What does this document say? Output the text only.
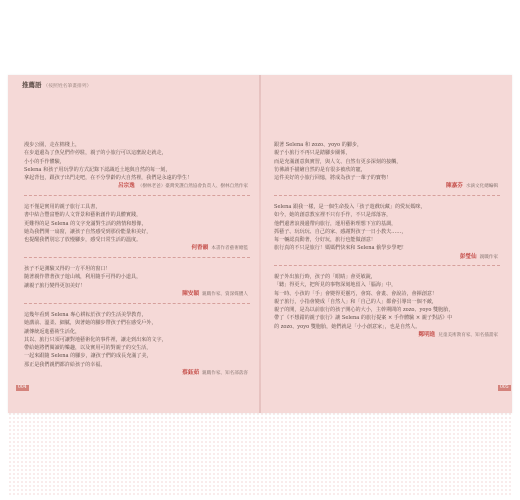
推薦語 （按照姓名筆畫排列）
漫步公園，走在棉棧上，
在步道邊為了魚兒們作停駐，親子的小旅行可以這麼說走就走，
小小的手作體驗，
Selena 和孩子用玩學的方式記錄下認識近土地與自然的每一刻，
拿起背包，跟孩子出門走吧，在不分學齡的大自然裡，我們是永遠的學生！
呂宗逸 （樹林老爸）臺灣愛護自然協會負責人、樹林自然作家
這不僅是實用的親子旅行工具書，
書中結合豐富態的人文背景和藝術創作的具體實踐，
更難得的是 Selena 的文字充滿對生活的熱情和想像，
她為我們開一扇窗，讓孩子自然感受到那份能量和美好，
也提醒我們別忘了放慢腳步，感受日常生活的溫度。
何香韻 本書作者藝術總監
孩子不是測驗又得的一方平坦的窗口！
隨著親作帶著孩子遊山城，利用隨手可得的小道具，
讓親子旅行變得更加美好！
陳安穎 親職作家、資深媒體人
這幾年看到 Selena 專心耕耘於孩子的生活美學教育，
她講前、溫柔、細膩，與著她的腳步帶孩子們在感受戶外，
讓傳統返進藝術生活化，
其以、旅行只須可讓對地藝術化的事件裡，讓走到出來的文字，
帶給她將們閱讀的樂趣，以及實用可的對親子的交生活，
一起來跟隨 Selena 的腳步，讓孩子們的成長充滿了美，
那正是我們親們都許給孩子的幸福。
蔡鈺茹 親職作家、知名部落客
004
跟著 Selena 和 zozo、yoyo 的腳步，
親子小旅行不再只是踏腳步關係，
而是充滿創意與實習，與人文、自然有更多深刻的接觸，
彷彿讀手描繪自然的是有很多被欣的寵，
這件美好的小旅行回憶，將成為孩子一輩子的寶物！
陳嘉芬 水滴文化總編輯
Selena 跟我一樣，是一個生命投入「孩子遊戲玩藏」的愛玩媽咪，
如今，她的創意教室裡不只有手作，不只是部落客，
他們邊著浪漫邊帶向旅行，運用藝術理想下宣的基調，
抓藝子、玩玩玩、自己的家、感謝對孩子一日小教夫……，
每一輛認真動著，分好玩，旅行也能做創意！
旅行真的不只是旅行！媽媽們快來和 Selena 偷學步學吧！
彭瑩仙 親職作家
親子外出旅行時，孩子的「眼睛」會更敏銳，
「聽」得更大，把所見的事物深刻地留入「腦海」中，
每一時、小孩的「手」會變得更靈巧，會寫、會畫、會說詩，會揮創意！
親子旅行，小指會變成「自然人」和「自己的人」都會引導出一個不敵，
親子的開，是為以前旅行的孩子開心的大小，主幹期間的 zozo、yoyo 雙胞胎，
帶了《不想錯的親子旅行》讓 Selena 的旅行提案 × 手作體驗 × 親子對話》中
的 zozo、yoyo 雙胞胎，她們就是「小小創意家」，也是自然人。
鄭明進 兒童美術教育家、知名插畫家
005
